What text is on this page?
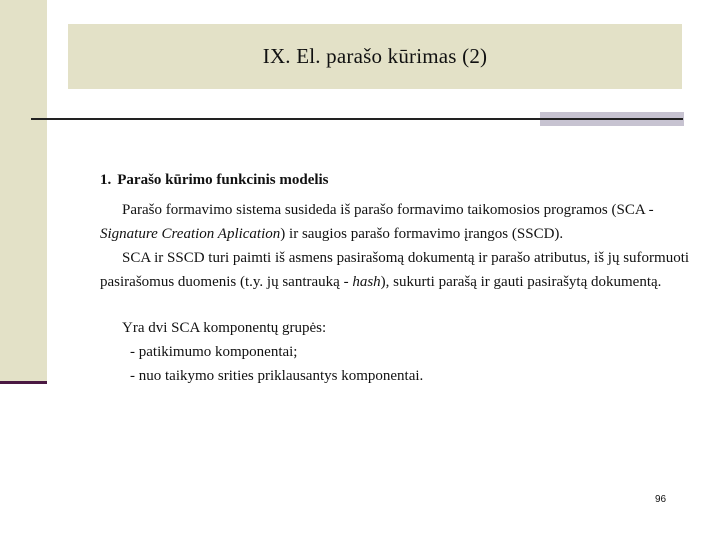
IX. El. parašo kūrimas (2)
1. Parašo kūrimo funkcinis modelis

Parašo formavimo sistema susideda iš parašo formavimo taikomosios programos (SCA - Signature Creation Aplication) ir saugios parašo formavimo įrangos (SSCD).

SCA ir SSCD turi paimti iš asmens pasirašomą dokumentą ir parašo atributus, iš jų suformuoti pasirašomus duomenis (t.y. jų santrauką - hash), sukurti parašą ir gauti pasirašytą dokumentą.

Yra dvi SCA komponentų grupės:

- patikimumo komponentai;

- nuo taikymo srities priklausantys komponentai.

96
